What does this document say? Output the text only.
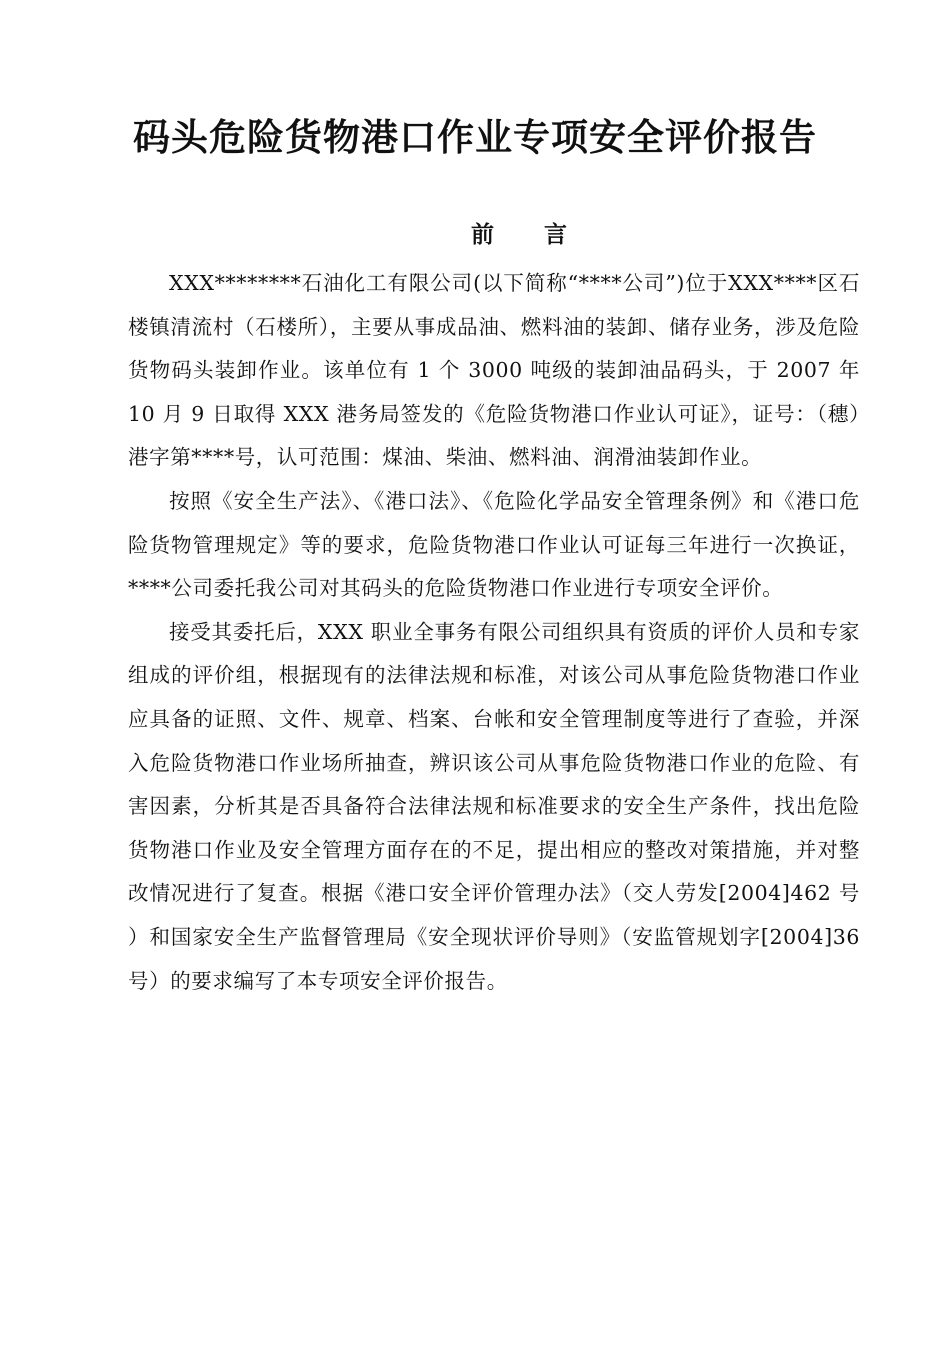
码头危险货物港口作业专项安全评价报告
前 言

XXX********石油化工有限公司(以下简称“****公司”)位于XXX****区石楼镇清流村（石楼所），主要从事成品油、燃料油的装卸、储存业务，涉及危险货物码头装卸作业。该单位有 1 个 3000 吨级的装卸油品码头，于 2007 年 10 月 9 日取得 XXX 港务局签发的《危险货物港口作业认可证》，证号：（穗）港字第****号，认可范围：煤油、柴油、燃料油、润滑油装卸作业。

按照《安全生产法》、《港口法》、《危险化学品安全管理条例》和《港口危险货物管理规定》等的要求，危险货物港口作业认可证每三年进行一次换证，****公司委托我公司对其码头的危险货物港口作业进行专项安全评价。

接受其委托后，XXX 职业全事务有限公司组织具有资质的评价人员和专家组成的评价组，根据现有的法律法规和标准，对该公司从事危险货物港口作业应具备的证照、文件、规章、档案、台帐和安全管理制度等进行了查验，并深入危险货物港口作业场所抽查，辨识该公司从事危险货物港口作业的危险、有害因素，分析其是否具备符合法律法规和标准要求的安全生产条件，找出危险货物港口作业及安全管理方面存在的不足，提出相应的整改对策措施，并对整改情况进行了复查。根据《港口安全评价管理办法》（交人劳发[2004]462 号 ）和国家安全生产监督管理局《安全现状评价导则》（安监管规划字[2004]36 号）的要求编写了本专项安全评价报告。
